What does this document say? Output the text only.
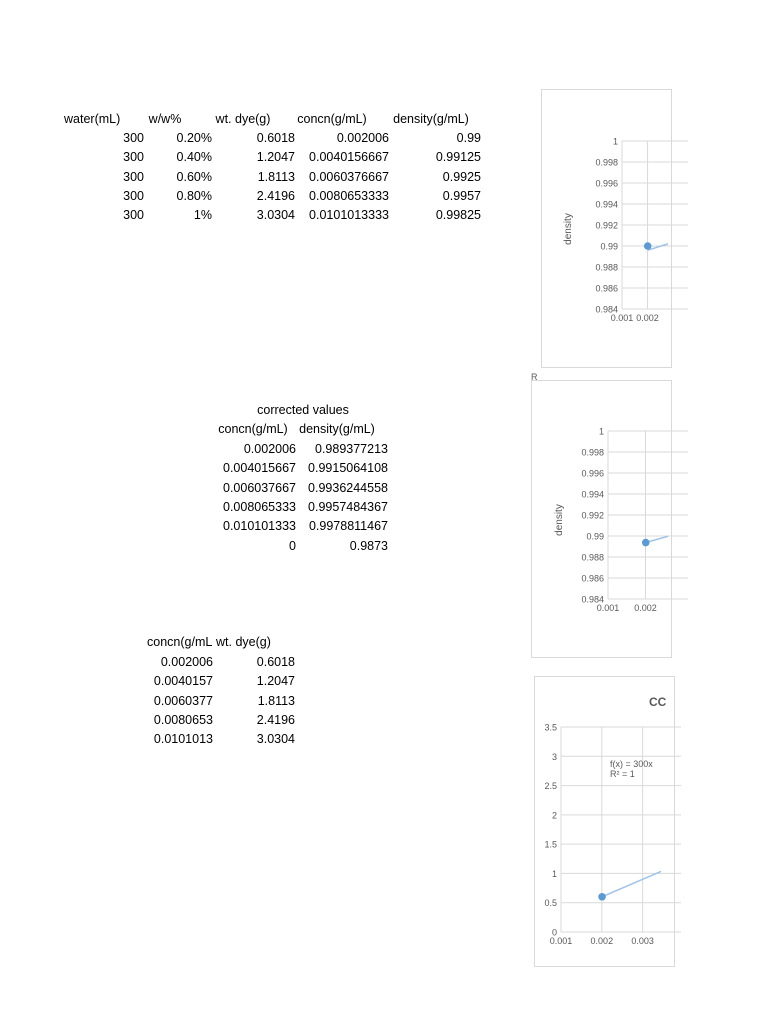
water(mL)	w/w%	wt. dye(g)	concn(g/mL)	density(g/mL)
300	0.20%	0.6018	0.002006	0.99
300	0.40%	1.2047	0.0040156667	0.99125
300	0.60%	1.8113	0.0060376667	0.9925
300	0.80%	2.4196	0.0080653333	0.9957
300	1%	3.0304	0.0101013333	0.99825
corrected values
concn(g/mL) density(g/mL)
0.002006	0.989377213
0.004015667 0.9915064108
0.006037667 0.9936244558
0.008065333 0.9957484367
0.010101333	0.9978811467
0	0.9873
concn(g/mL wt. dye(g)
0.002006	0.6018
0.0040157	1.2047
0.0060377	1.8113
0.0080653	2.4196
0.0101013	3.0304
density
0.984
0.986
0.988
0.99
0.992
0.994
0.996
0.998
1
0.001 0.002
density
0.984
0.986
0.988
0.99
0.992
0.994
0.996
0.998
1
0.001 0.002
R
CC
0
0.5
1
1.5
2
2.5
3
3.5
0.001 0.002 0.003
f(x) = 300x
R² = 1
